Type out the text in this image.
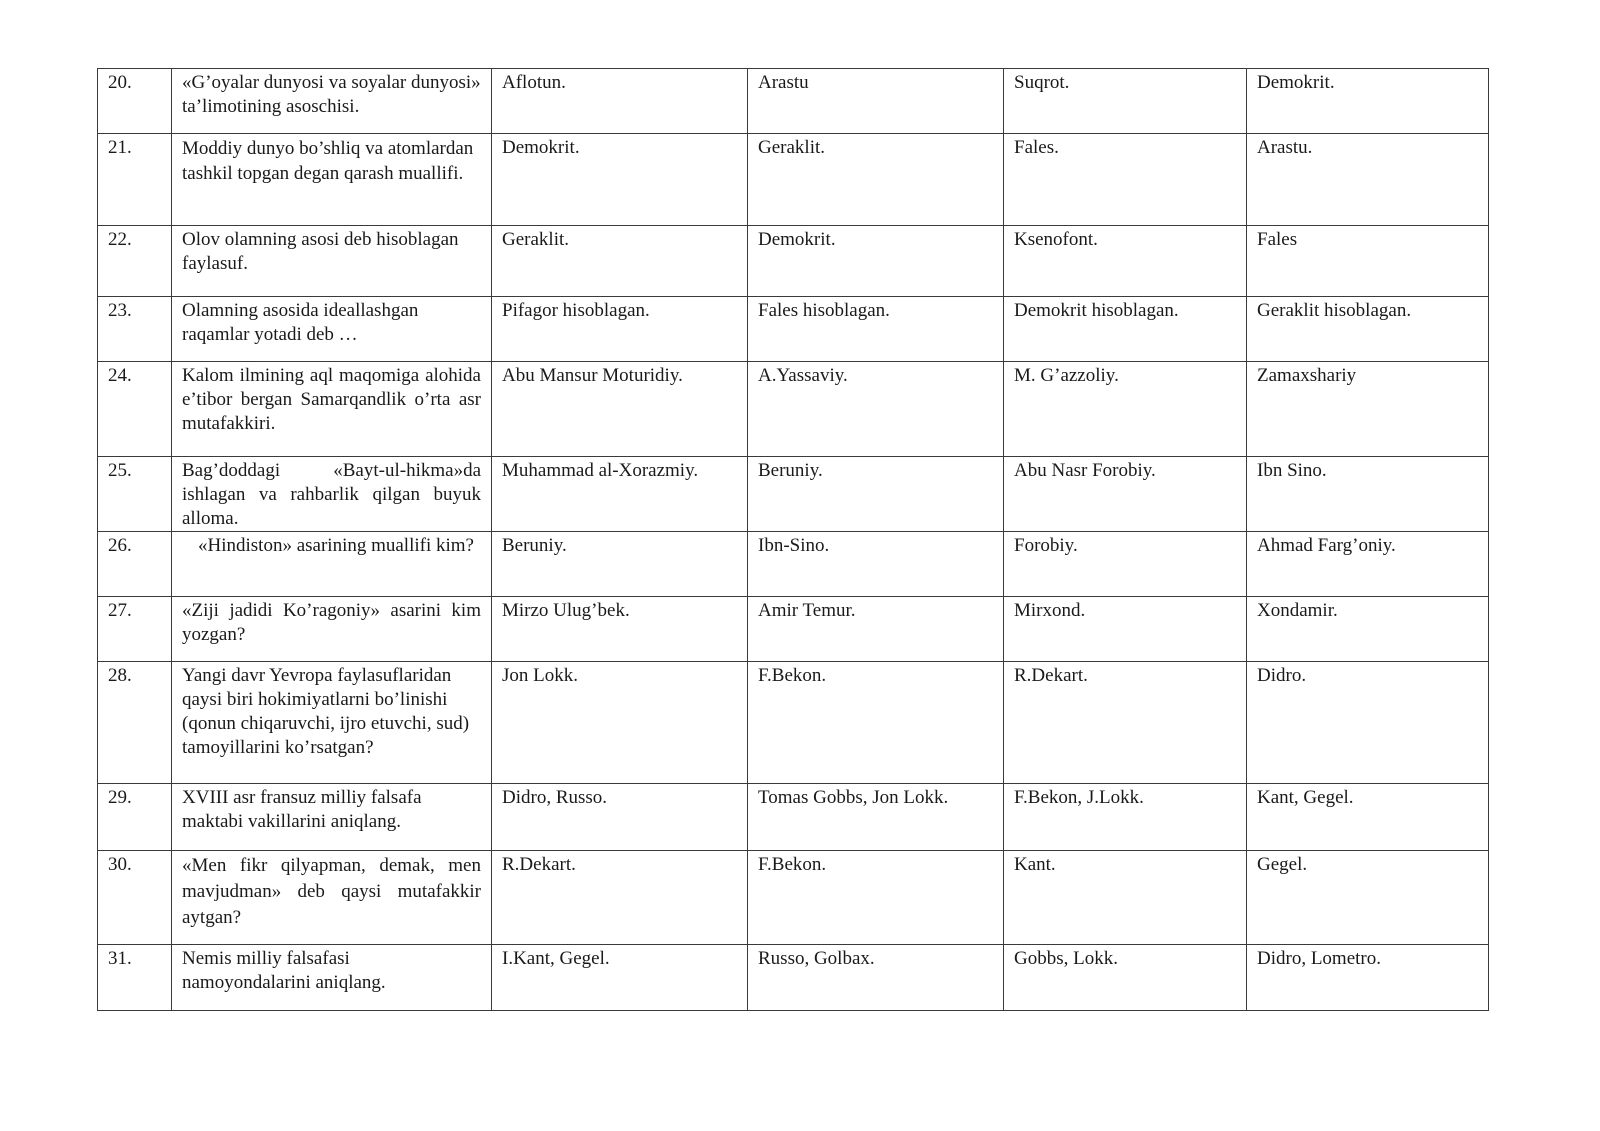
20.	«G’oyalar dunyosi va soyalar dunyosi» ta’limotining asoschisi.	Aflotun.	Arastu	Suqrot.	Demokrit.
21.	Moddiy dunyo bo’shliq va atomlardan tashkil topgan degan qarash muallifi.	Demokrit.	Geraklit.	Fales.	Arastu.
22.	Olov olamning asosi deb hisoblagan faylasuf.	Geraklit.	Demokrit.	Ksenofont.	Fales
23.	Olamning asosida ideallashgan raqamlar yotadi deb …	Pifagor hisoblagan.	Fales hisoblagan.	Demokrit hisoblagan.	Geraklit hisoblagan.
24.	Kalom ilmining aql maqomiga alohida e’tibor bergan Samarqandlik o’rta asr mutafakkiri.	Abu Mansur Moturidiy.	A.Yassaviy.	M. G’azzoliy.	Zamaxshariy
25.	Bag’doddagi «Bayt-ul-hikma»da ishlagan va rahbarlik qilgan buyuk alloma.	Muhammad al-Xorazmiy.	Beruniy.	Abu Nasr Forobiy.	Ibn Sino.
26.	«Hindiston» asarining muallifi kim?	Beruniy.	Ibn-Sino.	Forobiy.	Ahmad Farg’oniy.
27.	«Ziji jadidi Ko’ragoniy» asarini kim yozgan?	Mirzo Ulug’bek.	Amir Temur.	Mirxond.	Xondamir.
28.	Yangi davr Yevropa faylasuflaridan qaysi biri hokimiyatlarni bo’linishi (qonun chiqaruvchi, ijro etuvchi, sud) tamoyillarini ko’rsatgan?	Jon Lokk.	F.Bekon.	R.Dekart.	Didro.
29.	XVIII asr fransuz milliy falsafa maktabi vakillarini aniqlang.	Didro, Russo.	Tomas Gobbs, Jon Lokk.	F.Bekon, J.Lokk.	Kant, Gegel.
30.	«Men fikr qilyapman, demak, men mavjudman» deb qaysi mutafakkir aytgan?	R.Dekart.	F.Bekon.	Kant.	Gegel.
31.	Nemis milliy falsafasi namoyondalarini aniqlang.	I.Kant, Gegel.	Russo, Golbax.	Gobbs, Lokk.	Didro, Lometro.
